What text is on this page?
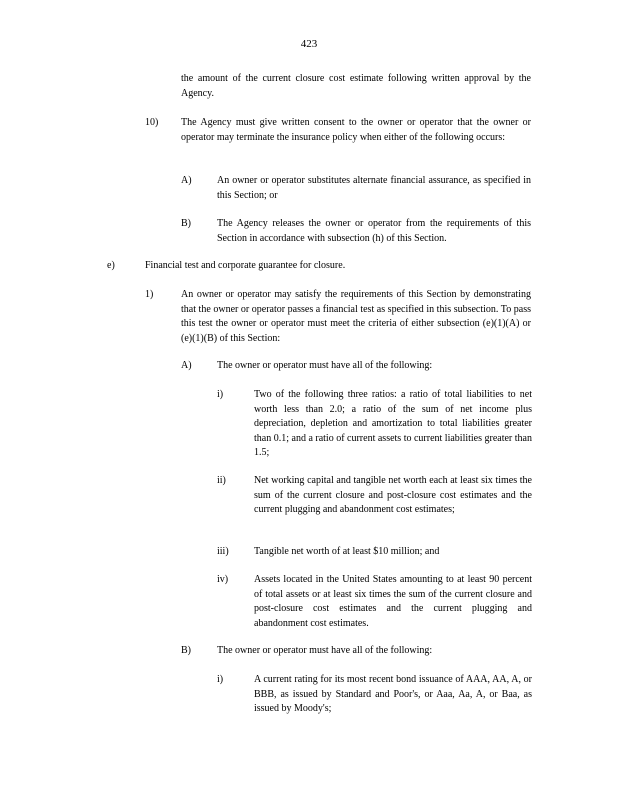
423
the amount of the current closure cost estimate following written approval by the Agency.
10) The Agency must give written consent to the owner or operator that the owner or operator may terminate the insurance policy when either of the following occurs:
A)	An owner or operator substitutes alternate financial assurance, as specified in this Section; or
B)	The Agency releases the owner or operator from the requirements of this Section in accordance with subsection (h) of this Section.
e)	Financial test and corporate guarantee for closure.
1)	An owner or operator may satisfy the requirements of this Section by demonstrating that the owner or operator passes a financial test as specified in this subsection. To pass this test the owner or operator must meet the criteria of either subsection (e)(1)(A) or (e)(1)(B) of this Section:
A)	The owner or operator must have all of the following:
i)	Two of the following three ratios: a ratio of total liabilities to net worth less than 2.0; a ratio of the sum of net income plus depreciation, depletion and amortization to total liabilities greater than 0.1; and a ratio of current assets to current liabilities greater than 1.5;
ii)	Net working capital and tangible net worth each at least six times the sum of the current closure and post-closure cost estimates and the current plugging and abandonment cost estimates;
iii)	Tangible net worth of at least $10 million; and
iv)	Assets located in the United States amounting to at least 90 percent of total assets or at least six times the sum of the current closure and post-closure cost estimates and the current plugging and abandonment cost estimates.
B)	The owner or operator must have all of the following:
i)	A current rating for its most recent bond issuance of AAA, AA, A, or BBB, as issued by Standard and Poor's, or Aaa, Aa, A, or Baa, as issued by Moody's;
